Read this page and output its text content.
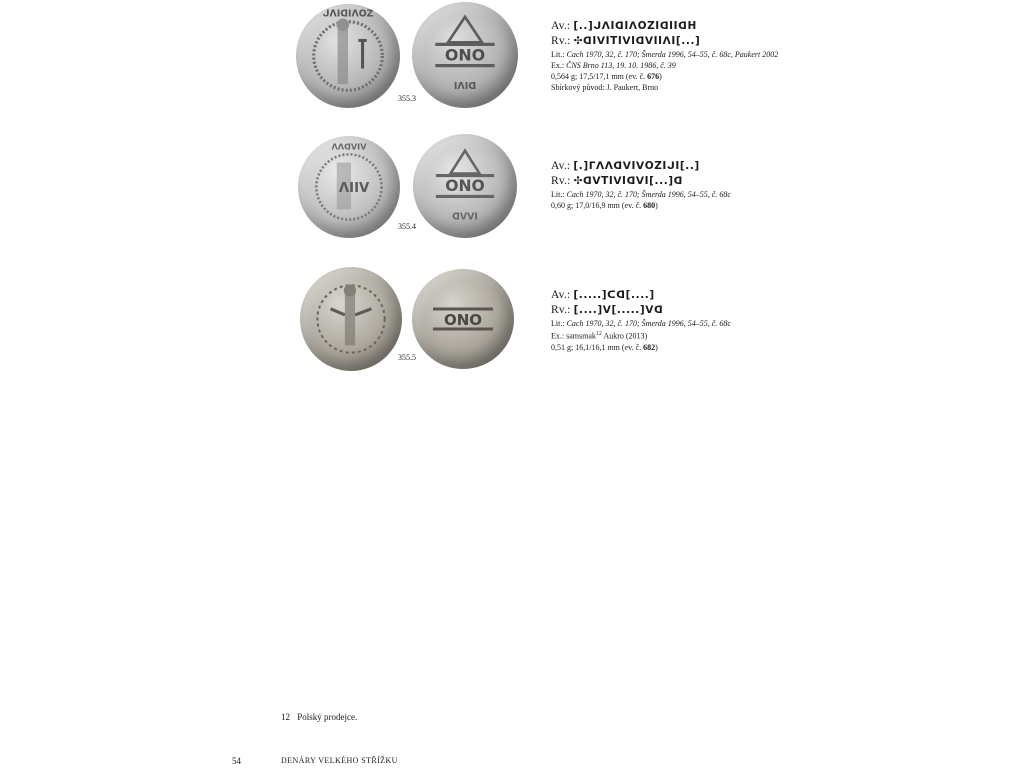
ᒍᐱIᗡIᐱOZ
ONO
IᐱIᗡ
355.3
Av.: [..]ᒍᐱIᗡIᐱOZIᗡIIᗡH
Rv.: ✣ᗡIᐯITIᐯIᗡᐯIIᐱI[...]
Lit.: Cach 1970, 32, č. 170; Šmerda 1996, 54–55, č. 68c, Paukert 2002
Ex.: ČNS Brno 113, 19. 10. 1986, č. 39
0,564 g; 17,5/17,1 mm (ev. č. 676)
Sbírkový původ: J. Paukert, Brno
ᐱIIV
ᐱᐱᗡᐯIᐯ
ONO
ᗡᐯᐯI
355.4
Av.: [.]ᒥᐱᐱᗡᐯIᐯOZIᒍI[..]
Rv.: ✣ᗡᐯTIᐯIᗡᐯI[...]ᗡ
Lit.: Cach 1970, 32, č. 170; Šmerda 1996, 54–55, č. 68c
0,60 g; 17,0/16,9 mm (ev. č. 680)
ONO
355.5
Av.: [.....]ᑕᗡ[....]
Rv.: [....]ᐯ[.....]ᐯᗡ
Lit.: Cach 1970, 32, č. 170; Šmerda 1996, 54–55, č. 68c
Ex.: samsmak$^{12}$ Aukro (2013)
0,51 g; 16,1/16,1 mm (ev. č. 682)
12 Polský prodejce.
54	DENÁRY VELKÉHO STŘÍŽKU
